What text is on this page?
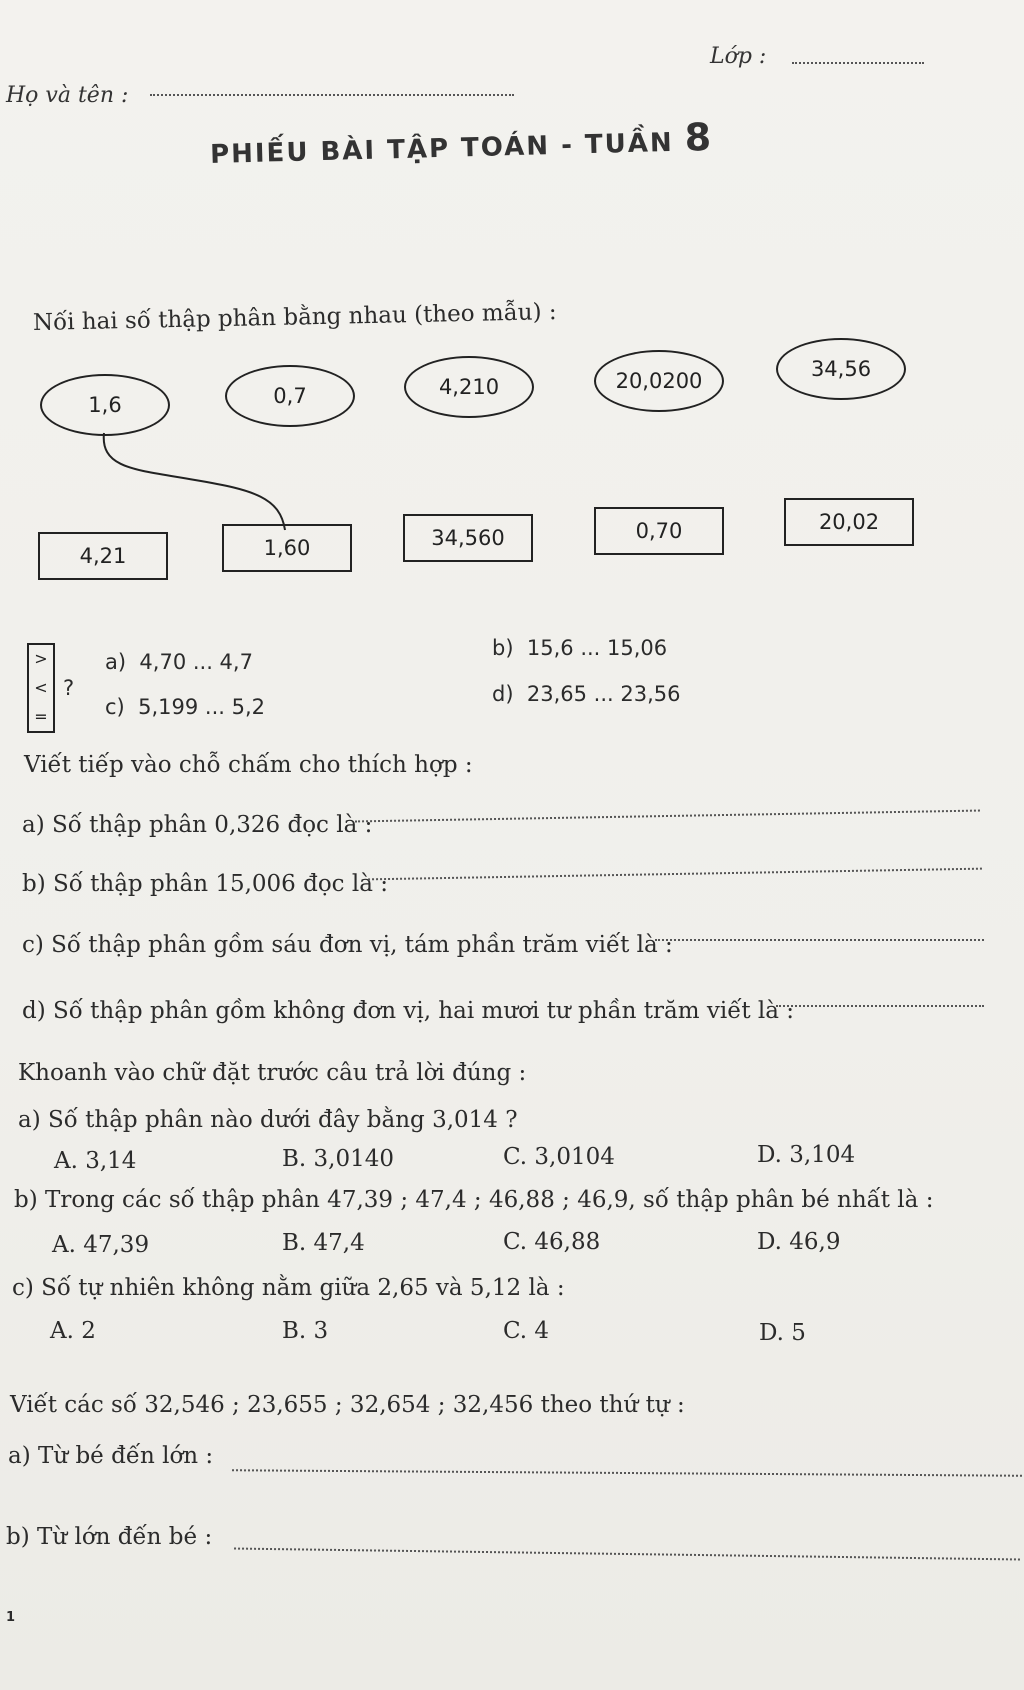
Lớp :
Họ và tên :
PHIẾU BÀI TẬP TOÁN - TUẦN 8
Nối hai số thập phân bằng nhau (theo mẫu) :
1,6	0,7	4,210	20,0200	34,56
4,21	1,60	34,560	0,70	20,02
>
<
=
?
a) 4,70 ... 4,7
b) 15,6 ... 15,06
c) 5,199 ... 5,2
d) 23,65 ... 23,56
Viết tiếp vào chỗ chấm cho thích hợp :
a) Số thập phân 0,326 đọc là :
b) Số thập phân 15,006 đọc là :
c) Số thập phân gồm sáu đơn vị, tám phần trăm viết là :
d) Số thập phân gồm không đơn vị, hai mươi tư phần trăm viết là :
Khoanh vào chữ đặt trước câu trả lời đúng :
a) Số thập phân nào dưới đây bằng 3,014 ?
A. 3,14	B. 3,0140	C. 3,0104	D. 3,104
b) Trong các số thập phân 47,39 ; 47,4 ; 46,88 ; 46,9, số thập phân bé nhất là :
A. 47,39	B. 47,4	C. 46,88	D. 46,9
c) Số tự nhiên không nằm giữa 2,65 và 5,12 là :
A. 2	B. 3	C. 4	D. 5
Viết các số 32,546 ; 23,655 ; 32,654 ; 32,456 theo thứ tự :
a) Từ bé đến lớn :
b) Từ lớn đến bé :
1
